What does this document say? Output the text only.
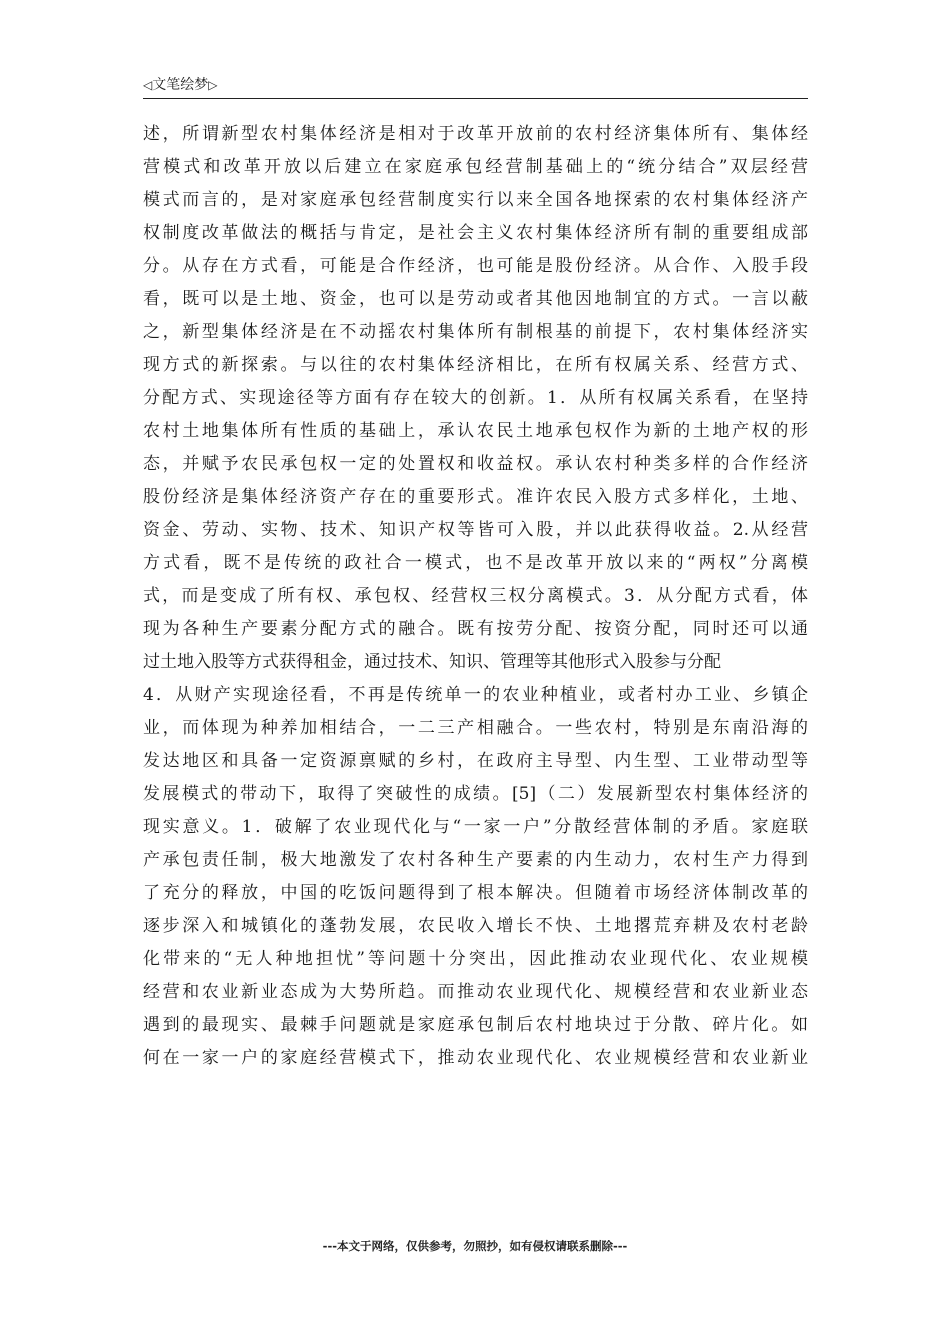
◁文笔绘梦▷
述，所谓新型农村集体经济是相对于改革开放前的农村经济集体所有、集体经
营模式和改革开放以后建立在家庭承包经营制基础上的“统分结合”双层经营
模式而言的，是对家庭承包经营制度实行以来全国各地探索的农村集体经济产
权制度改革做法的概括与肯定，是社会主义农村集体经济所有制的重要组成部
分。从存在方式看，可能是合作经济，也可能是股份经济。从合作、入股手段
看，既可以是土地、资金，也可以是劳动或者其他因地制宜的方式。一言以蔽
之，新型集体经济是在不动摇农村集体所有制根基的前提下，农村集体经济实
现方式的新探索。与以往的农村集体经济相比，在所有权属关系、经营方式、
分配方式、实现途径等方面有存在较大的创新。1．从所有权属关系看，在坚持
农村土地集体所有性质的基础上，承认农民土地承包权作为新的土地产权的形
态，并赋予农民承包权一定的处置权和收益权。承认农村种类多样的合作经济
股份经济是集体经济资产存在的重要形式。准许农民入股方式多样化，土地、
资金、劳动、实物、技术、知识产权等皆可入股，并以此获得收益。2.从经营
方式看，既不是传统的政社合一模式，也不是改革开放以来的“两权”分离模
式，而是变成了所有权、承包权、经营权三权分离模式。3．从分配方式看，体
现为各种生产要素分配方式的融合。既有按劳分配、按资分配，同时还可以通
过土地入股等方式获得租金，通过技术、知识、管理等其他形式入股参与分配
4．从财产实现途径看，不再是传统单一的农业种植业，或者村办工业、乡镇企
业，而体现为种养加相结合，一二三产相融合。一些农村，特别是东南沿海的
发达地区和具备一定资源禀赋的乡村，在政府主导型、内生型、工业带动型等
发展模式的带动下，取得了突破性的成绩。[5]（二）发展新型农村集体经济的
现实意义。1．破解了农业现代化与“一家一户”分散经营体制的矛盾。家庭联
产承包责任制，极大地激发了农村各种生产要素的内生动力，农村生产力得到
了充分的释放，中国的吃饭问题得到了根本解决。但随着市场经济体制改革的
逐步深入和城镇化的蓬勃发展，农民收入增长不快、土地撂荒弃耕及农村老龄
化带来的“无人种地担忧”等问题十分突出，因此推动农业现代化、农业规模
经营和农业新业态成为大势所趋。而推动农业现代化、规模经营和农业新业态
遇到的最现实、最棘手问题就是家庭承包制后农村地块过于分散、碎片化。如
何在一家一户的家庭经营模式下，推动农业现代化、农业规模经营和农业新业
---本文于网络，仅供参考，勿照抄，如有侵权请联系删除---
